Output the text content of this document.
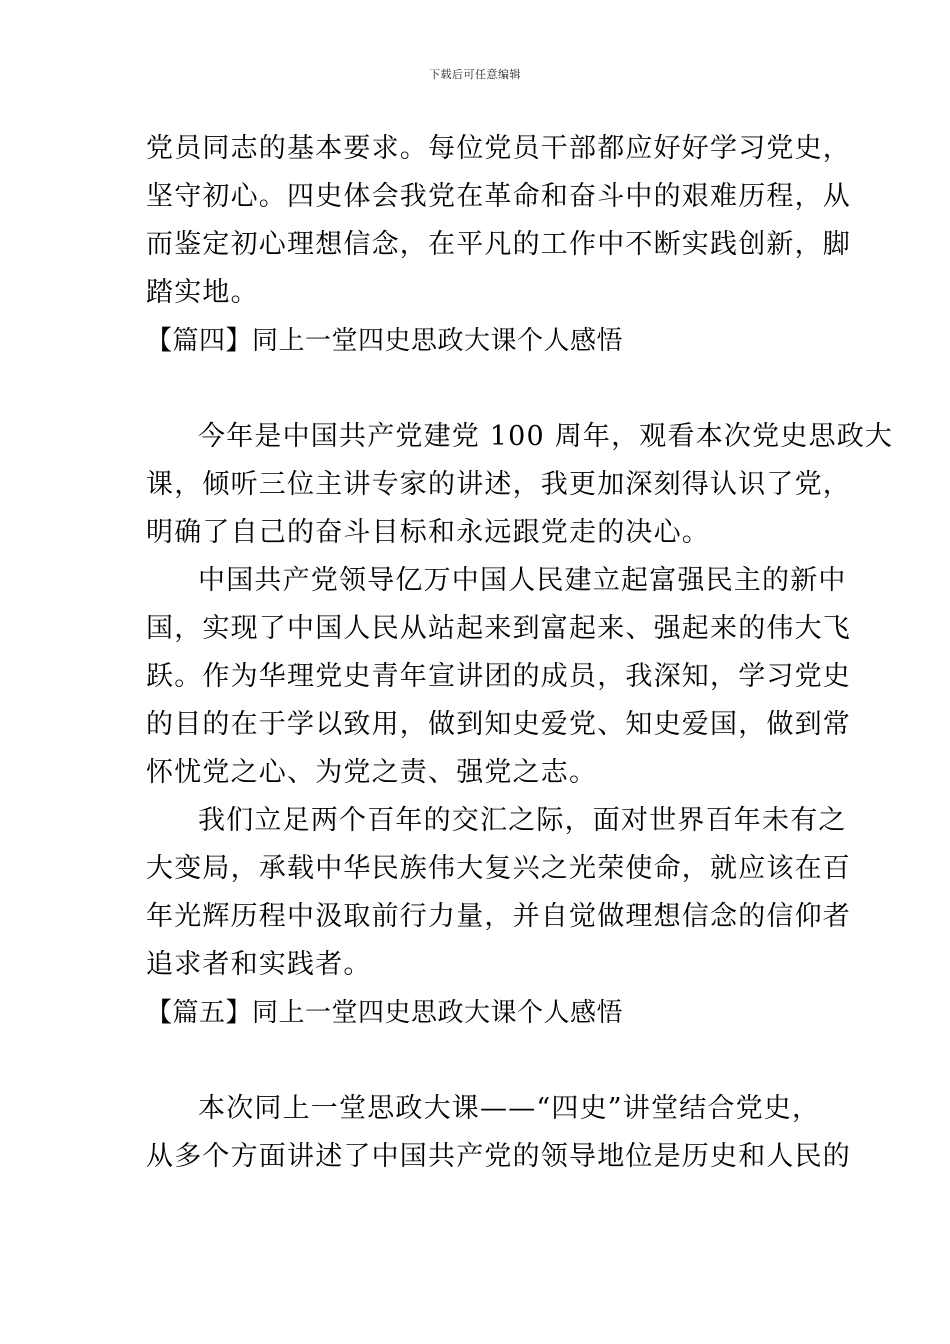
下载后可任意编辑
党员同志的基本要求。每位党员干部都应好好学习党史，
坚守初心。四史体会我党在革命和奋斗中的艰难历程，从
而鉴定初心理想信念，在平凡的工作中不断实践创新，脚
踏实地。
【篇四】同上一堂四史思政大课个人感悟
今年是中国共产党建党 100 周年，观看本次党史思政大
课，倾听三位主讲专家的讲述，我更加深刻得认识了党，
明确了自己的奋斗目标和永远跟党走的决心。
中国共产党领导亿万中国人民建立起富强民主的新中
国，实现了中国人民从站起来到富起来、强起来的伟大飞
跃。作为华理党史青年宣讲团的成员，我深知，学习党史
的目的在于学以致用，做到知史爱党、知史爱国，做到常
怀忧党之心、为党之责、强党之志。
我们立足两个百年的交汇之际，面对世界百年未有之
大变局，承载中华民族伟大复兴之光荣使命，就应该在百
年光辉历程中汲取前行力量，并自觉做理想信念的信仰者
追求者和实践者。
【篇五】同上一堂四史思政大课个人感悟
本次同上一堂思政大课——“四史”讲堂结合党史，
从多个方面讲述了中国共产党的领导地位是历史和人民的
